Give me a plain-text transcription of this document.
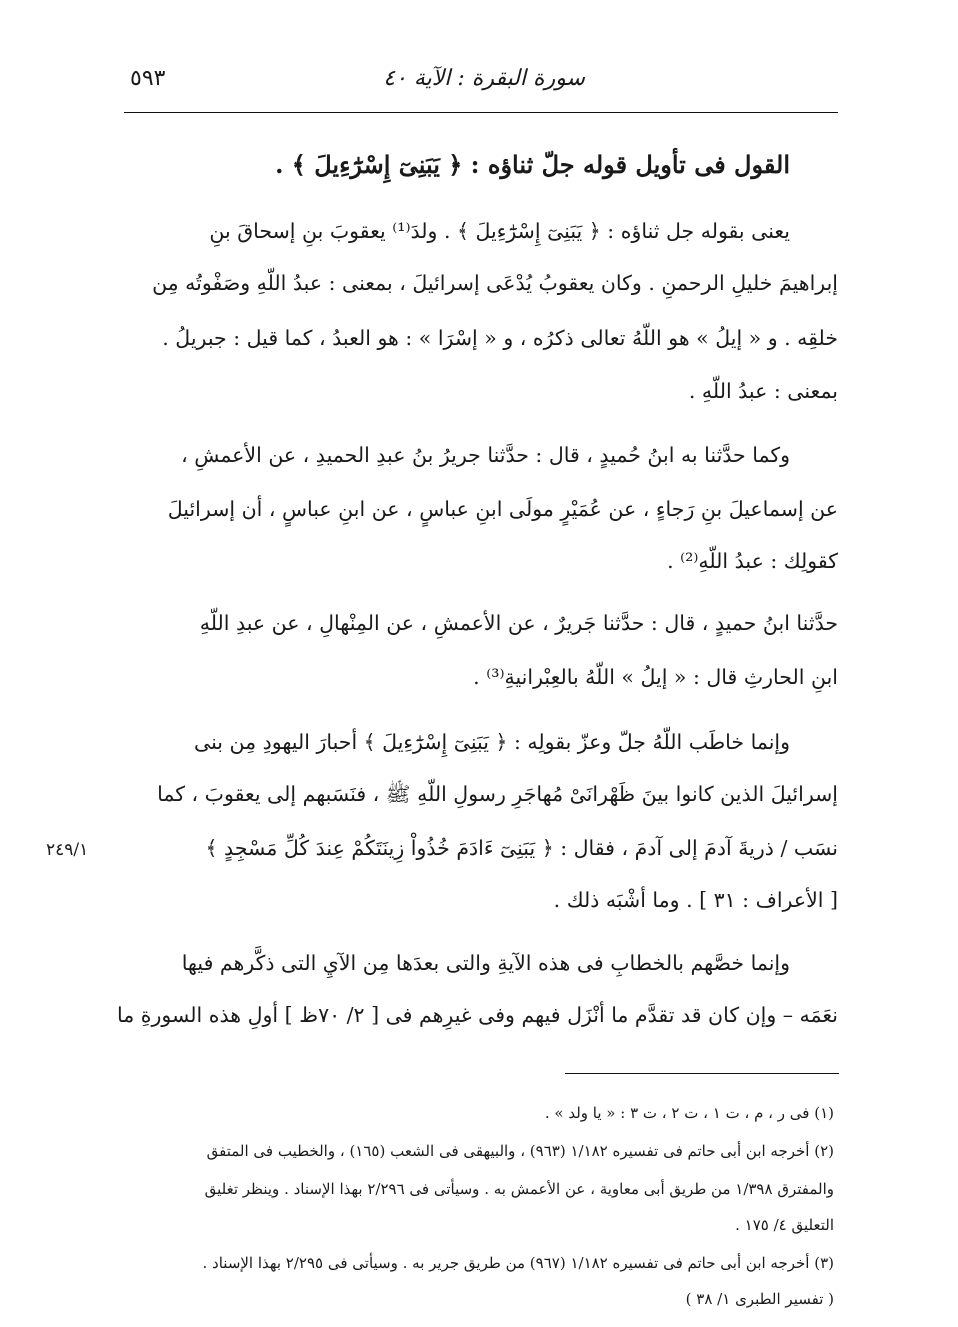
سورة البقرة : الآية ٤٠
٥٩٣
القول فى تأويل قوله جلّ ثناؤه : ﴿ يَبَنِىٓ إِسْرَٰٓءِيلَ ﴾ .
يعنى بقوله جل ثناؤه : ﴿ يَبَنِىٓ إِسْرَٰٓءِيلَ ﴾ . ولدَ⁽¹⁾ يعقوبَ بنِ إسحاقَ بنِ
إبراهيمَ خليلِ الرحمنِ . وكان يعقوبُ يُدْعَى إسرائيلَ ، بمعنى : عبدُ اللّهِ وصَفْوتُه مِن
خلقِه . و « إيلُ » هو اللّهُ تعالى ذكرُه ، و « إسْرَا » : هو العبدُ ، كما قيل : جبريلُ .
بمعنى : عبدُ اللّهِ .
وكما حدَّثنا به ابنُ حُميدٍ ، قال : حدَّثنا جريرُ بنُ عبدِ الحميدِ ، عن الأعمشِ ،
عن إسماعيلَ بنِ رَجاءٍ ، عن عُمَيْرٍ مولَى ابنِ عباسٍ ، عن ابنِ عباسٍ ، أن إسرائيلَ
كقولِك : عبدُ اللّهِ⁽²⁾ .
حدَّثنا ابنُ حميدٍ ، قال : حدَّثنا جَريرٌ ، عن الأعمشِ ، عن المِنْهالِ ، عن عبدِ اللّهِ
ابنِ الحارثِ قال : « إيلُ » اللّهُ بالعِبْرانيةِ⁽³⁾ .
وإنما خاطَب اللّهُ جلّ وعزّ بقولِه : ﴿ يَبَنِىٓ إِسْرَٰٓءِيلَ ﴾ أحبارَ اليهودِ مِن بنى
إسرائيلَ الذين كانوا بينَ ظَهْرانَىْ مُهاجَرِ رسولِ اللّهِ ﷺ ، فنَسَبهم إلى يعقوبَ ، كما
نسَب / ذريةَ آدمَ إلى آدمَ ، فقال : ﴿ يَبَنِىٓ ءَادَمَ خُذُواْ زِينَتَكُمْ عِندَ كُلِّ مَسْجِدٍ ﴾
[ الأعراف : ٣١ ] . وما أشْبَه ذلك .
٢٤٩/١
وإنما خصَّهم بالخطابِ فى هذه الآيةِ والتى بعدَها مِن الآيِ التى ذكَّرهم فيها
نعَمَه – وإن كان قد تقدَّم ما أنْزَل فيهم وفى غيرِهم فى [ ٢/ ٧٠ظ ] أولِ هذه السورةِ ما
(١) فى ر ، م ، ت ١ ، ت ٢ ، ت ٣ : « يا ولد » .
(٢) أخرجه ابن أبى حاتم فى تفسيره ١/١٨٢ (٩٦٣) ، والبيهقى فى الشعب (١٦٥) ، والخطيب فى المتفق
والمفترق ١/٣٩٨ من طريق أبى معاوية ، عن الأعمش به . وسيأتى فى ٢/٢٩٦ بهذا الإسناد . وينظر تغليق
التعليق ٤/ ١٧٥ .
(٣) أخرجه ابن أبى حاتم فى تفسيره ١/١٨٢ (٩٦٧) من طريق جرير به . وسيأتى فى ٢/٢٩٥ بهذا الإسناد .
( تفسير الطبرى ١/ ٣٨ )
